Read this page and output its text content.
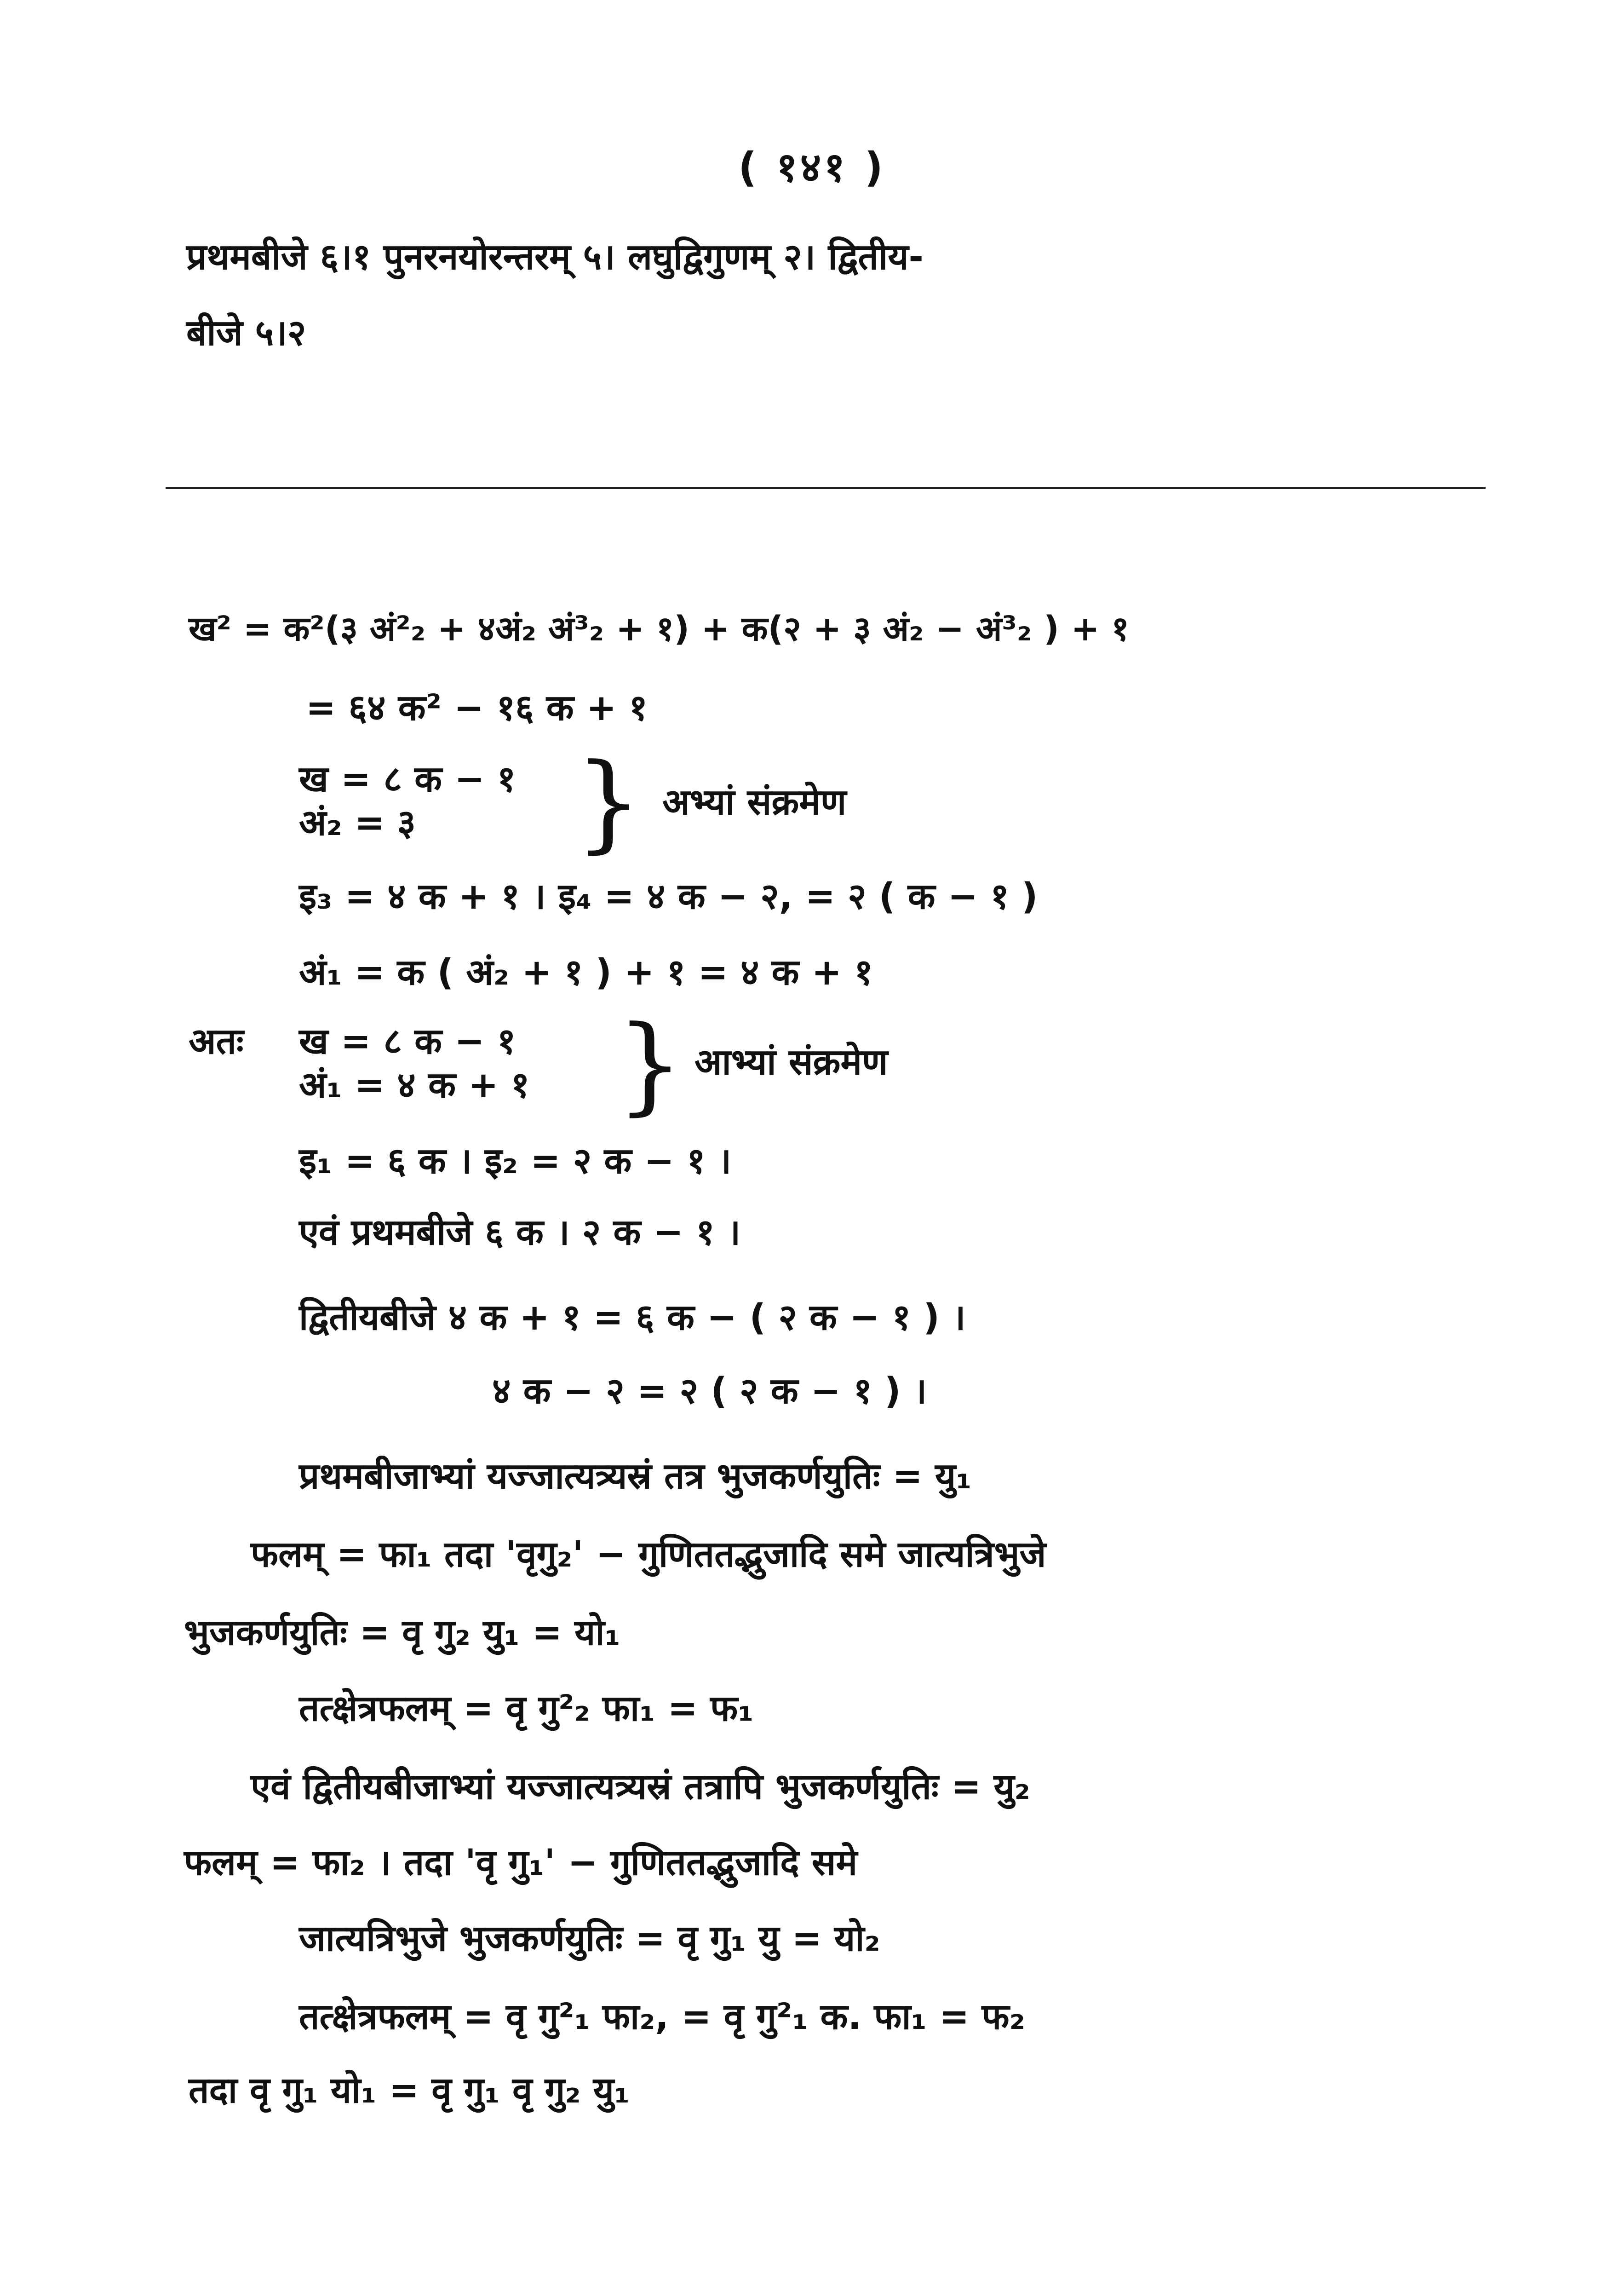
( १४१ )
प्रथमबीजे ६।१ पुनरनयोरन्तरम् ५। लघुद्विगुणम् २। द्वितीय-
बीजे ५।२
ख² = क²(३ अं²₂ + ४अं₂ अं³₂ + १) + क(२ + ३ अं₂ − अं³₂ ) + १
= ६४ क² − १६ क + १
ख = ८ क − १
अं₂ = ३ } अभ्यां संक्रमेण
इ₃ = ४ क + १ । इ₄ = ४ क − २, = २ ( क − १ )
अं₁ = क ( अं₂ + १ ) + १ = ४ क + १
अतः ख = ८ क − १
अं₁ = ४ क + १ } आभ्यां संक्रमेण
इ₁ = ६ क । इ₂ = २ क − १ ।
एवं प्रथमबीजे ६ क । २ क − १ ।
द्वितीयबीजे ४ क + १ = ६ क − ( २ क − १ ) ।
४ क − २ = २ ( २ क − १ ) ।
प्रथमबीजाभ्यां यज्जात्यत्र्यस्रं तत्र भुजकर्णयुतिः = यु₁
फलम् = फा₁ तदा 'वृगु₂' − गुणिततद्भुजादि समे जात्यत्रिभुजे
भुजकर्णयुतिः = वृ गु₂ यु₁ = यो₁
तत्क्षेत्रफलम् = वृ गु²₂ फा₁ = फ₁
एवं द्वितीयबीजाभ्यां यज्जात्यत्र्यस्रं तत्रापि भुजकर्णयुतिः = यु₂
फलम् = फा₂ । तदा 'वृ गु₁' − गुणिततद्भुजादि समे
जात्यत्रिभुजे भुजकर्णयुतिः = वृ गु₁ यु = यो₂
तत्क्षेत्रफलम् = वृ गु²₁ फा₂, = वृ गु²₁ क. फा₁ = फ₂
तदा वृ गु₁ यो₁ = वृ गु₁ वृ गु₂ यु₁
